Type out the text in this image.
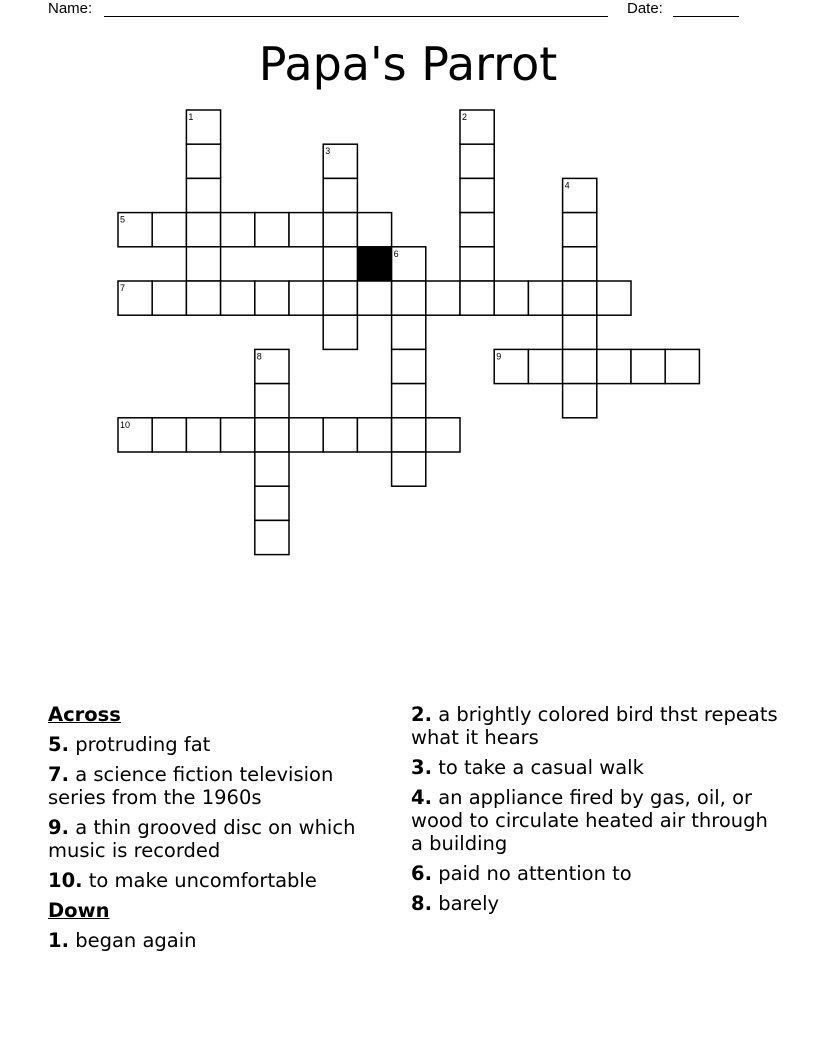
Name:	Date:
Papa's Parrot
1	2
3
4
5
6
7
8	9
10
Across
5. protruding fat
7. a science fiction television series from the 1960s
9. a thin grooved disc on which music is recorded
10. to make uncomfortable
Down
1. began again
2. a brightly colored bird thst repeats what it hears
3. to take a casual walk
4. an appliance fired by gas, oil, or wood to circulate heated air through a building
6. paid no attention to
8. barely
